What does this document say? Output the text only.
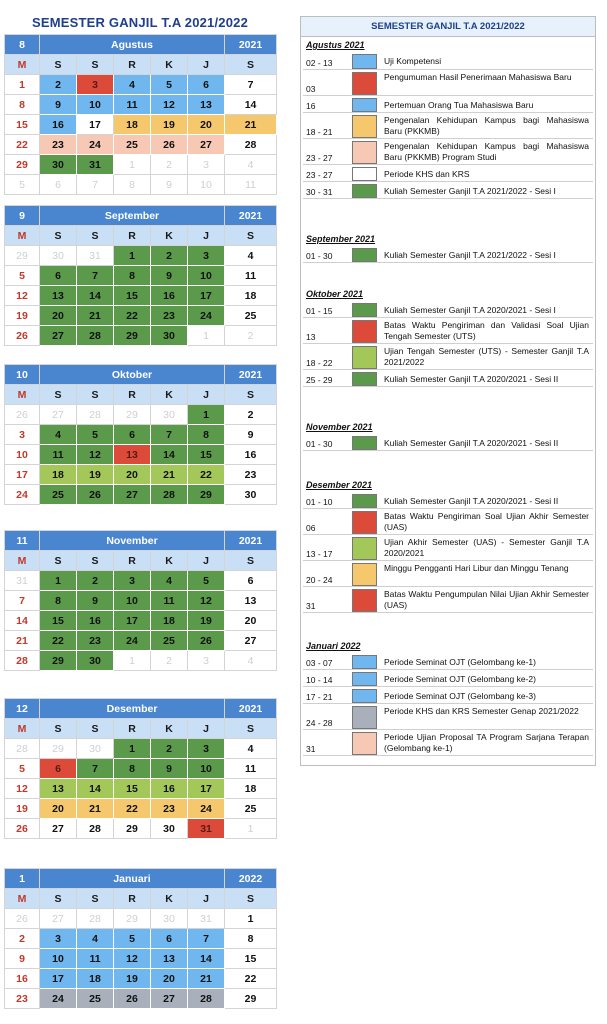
SEMESTER GANJIL T.A 2021/2022
8	Agustus					2021
M	S	S	R	K	J	S
1	2	3	4	5	6	7
8	9	10	11	12	13	14
15	16	17	18	19	20	21
22	23	24	25	26	27	28
29	30	31	1	2	3	4
5	6	7	8	9	10	11
9	September					2021
M	S	S	R	K	J	S
29	30	31	1	2	3	4
5	6	7	8	9	10	11
12	13	14	15	16	17	18
19	20	21	22	23	24	25
26	27	28	29	30	1	2
10	Oktober					2021
M	S	S	R	K	J	S
26	27	28	29	30	1	2
3	4	5	6	7	8	9
10	11	12	13	14	15	16
17	18	19	20	21	22	23
24	25	26	27	28	29	30
11	November					2021
M	S	S	R	K	J	S
31	1	2	3	4	5	6
7	8	9	10	11	12	13
14	15	16	17	18	19	20
21	22	23	24	25	26	27
28	29	30	1	2	3	4
12	Desember					2021
M	S	S	R	K	J	S
28	29	30	1	2	3	4
5	6	7	8	9	10	11
12	13	14	15	16	17	18
19	20	21	22	23	24	25
26	27	28	29	30	31	1
1	Januari					2022
M	S	S	R	K	J	S
26	27	28	29	30	31	1
2	3	4	5	6	7	8
9	10	11	12	13	14	15
16	17	18	19	20	21	22
23	24	25	26	27	28	29
SEMESTER GANJIL T.A 2021/2022
Agustus 2021
02 - 13	Uji Kompetensi
03
Pengumuman Hasil Penerimaan Mahasiswa Baru
16	Pertemuan Orang Tua Mahasiswa Baru
18 - 21
Pengenalan Kehidupan Kampus bagi Mahasiswa Baru (PKKMB)
23 - 27
Pengenalan Kehidupan Kampus bagi Mahasiswa Baru (PKKMB) Program Studi
23 - 27	Periode KHS dan KRS
30 - 31	Kuliah Semester Ganjil T.A 2021/2022 - Sesi I
September 2021
01 - 30	Kuliah Semester Ganjil T.A 2021/2022 - Sesi I
Oktober 2021
01 - 15	Kuliah Semester Ganjil T.A 2020/2021 - Sesi I
13
Batas Waktu Pengiriman dan Validasi Soal Ujian Tengah Semester (UTS)
18 - 22
Ujian Tengah Semester (UTS) - Semester Ganjil T.A 2021/2022
25 - 29	Kuliah Semester Ganjil T.A 2020/2021 - Sesi II
November 2021
01 - 30	Kuliah Semester Ganjil T.A 2020/2021 - Sesi II
Desember 2021
01 - 10	Kuliah Semester Ganjil T.A 2020/2021 - Sesi II
06
Batas Waktu Pengiriman Soal Ujian Akhir Semester (UAS)
13 - 17
Ujian Akhir Semester (UAS) - Semester Ganjil T.A 2020/2021
20 - 24
Minggu Pengganti Hari Libur dan Minggu Tenang
31
Batas Waktu Pengumpulan Nilai Ujian Akhir Semester (UAS)
Januari 2022
03 - 07	Periode Seminat OJT (Gelombang ke-1)
10 - 14	Periode Seminat OJT (Gelombang ke-2)
17 - 21	Periode Seminat OJT (Gelombang ke-3)
24 - 28
Periode KHS dan KRS Semester Genap 2021/2022
31
Periode Ujian Proposal TA Program Sarjana Terapan (Gelombang ke-1)
